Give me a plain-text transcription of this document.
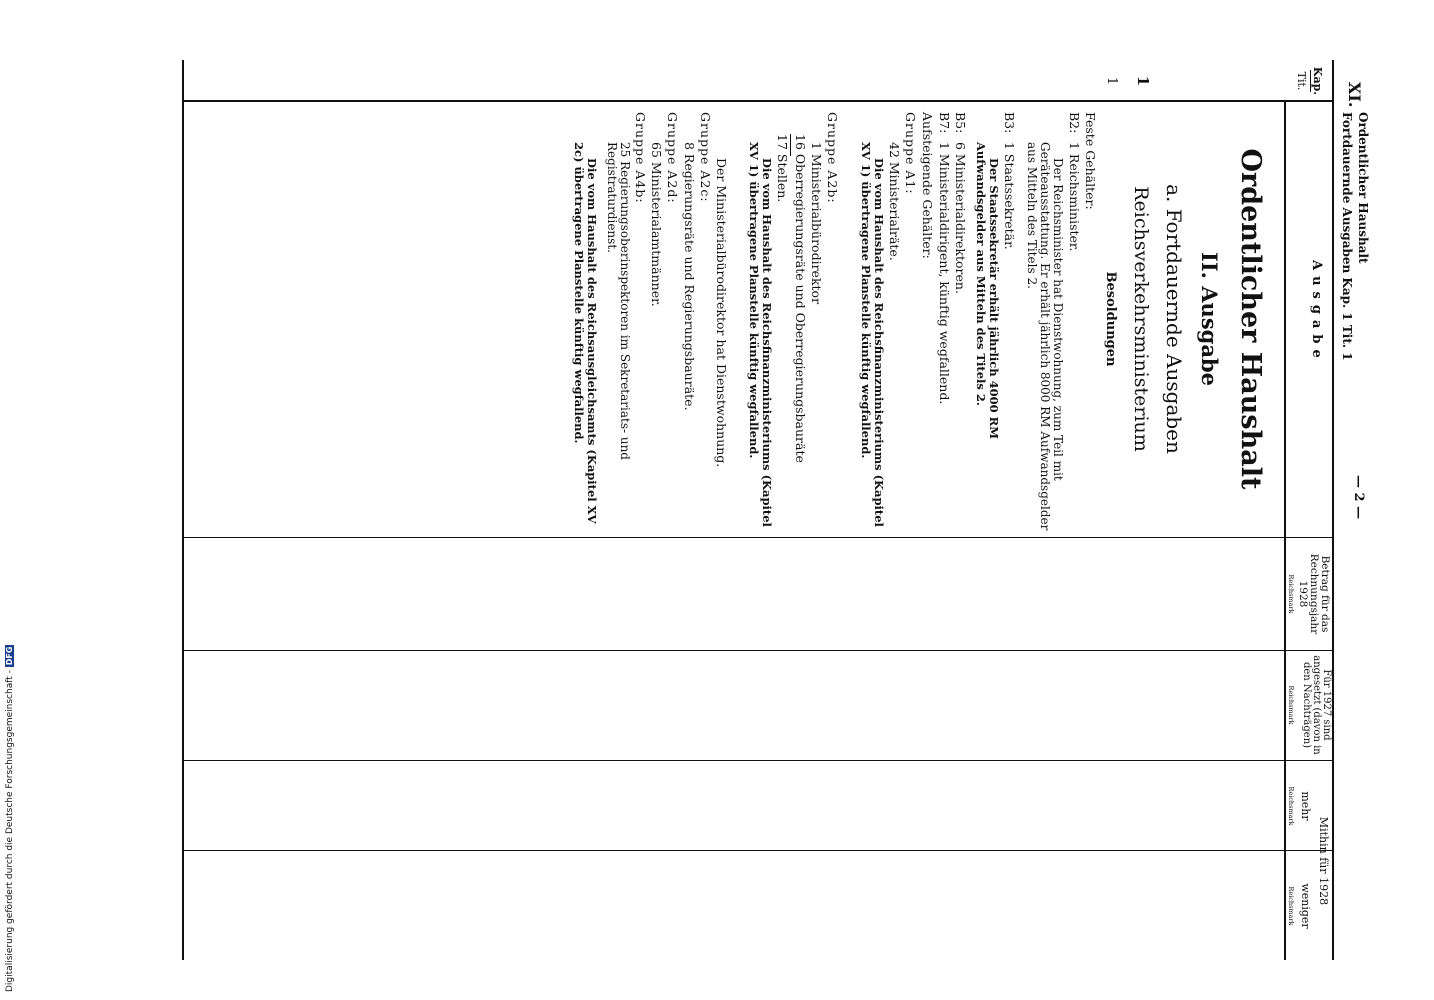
XI.
Ordentlicher Haushalt
Fortdauernde Ausgaben Kap. 1 Tit. 1
— 2 —
Kap.
Tit.
Ausgabe
Betrag für das Rechnungsjahr 1928
Reichsmark
Für 1927 sind angesetzt (davon in den Nachträgen)
Reichsmark
Mithin für 1928
mehr
weniger
Reichsmark
Reichsmark
Ordentlicher Haushalt
II. Ausgabe
a. Fortdauernde Ausgaben
1
Reichsverkehrsministerium
1
Besoldungen
Feste Gehälter:
B2:
1 Reichsminister.
Der Reichsminister hat Dienstwohnung, zum Teil mit Geräteausstattung. Er erhält jährlich 8000 RM Aufwandsgelder aus Mitteln des Titels 2.
B3:
1 Staatssekretär.
Der Staatssekretär erhält jährlich 4000 RM Aufwandsgelder aus Mitteln des Titels 2.
B5:
6 Ministerialdirektoren.
B7:
1 Ministerialdirigent, künftig wegfallend.
Aufsteigende Gehälter:
Gruppe A1:
42 Ministerialräte.
Die vom Haushalt des Reichsfinanzministeriums (Kapitel XV 1) übertragene Planstelle künftig wegfallend.
Gruppe A2b:
1 Ministerialbürodirektor
16 Oberregierungsräte und Oberregierungsbauräte
17 Stellen.
Die vom Haushalt des Reichsfinanzministeriums (Kapitel XV 1) übertragene Planstelle künftig wegfallend.
Der Ministerialbürodirektor hat Dienstwohnung.
Gruppe A2c:
8 Regierungsräte und Regierungsbauräte.
Gruppe A2d:
65 Ministerialamtmänner.
Gruppe A4b:
25 Regierungsoberinspektoren im Sekretariats- und Registraturdienst.
Die vom Haushalt des Reichsausgleichsamts (Kapitel XV 2c) übertragene Planstelle künftig wegfallend.
Digitalisierung gefördert durch die Deutsche Forschungsgemeinschaft - DFG
